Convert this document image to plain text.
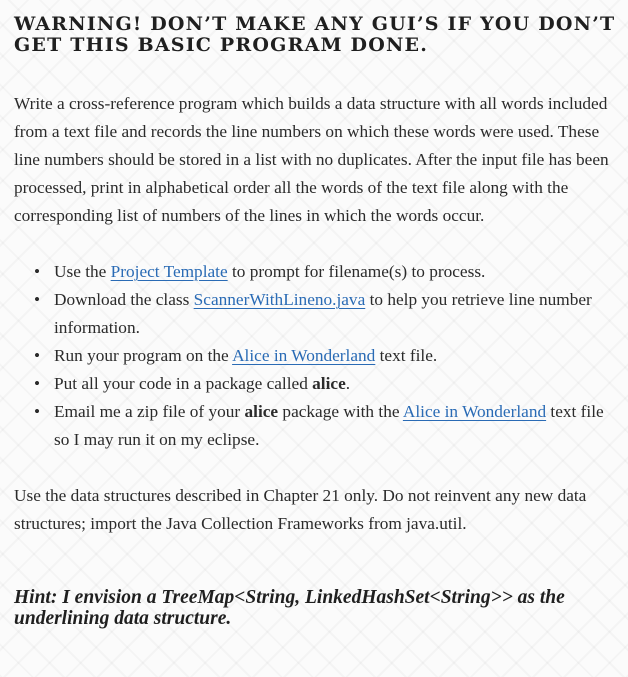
WARNING! DON’T MAKE ANY GUI’S IF YOU DON’T GET THIS BASIC PROGRAM DONE.

Write a cross-reference program which builds a data structure with all words included from a text file and records the line numbers on which these words were used. These line numbers should be stored in a list with no duplicates. After the input file has been processed, print in alphabetical order all the words of the text file along with the corresponding list of numbers of the lines in which the words occur.

• Use the Project Template to prompt for filename(s) to process.
• Download the class ScannerWithLineno.java to help you retrieve line number information.
• Run your program on the Alice in Wonderland text file.
• Put all your code in a package called alice.
• Email me a zip file of your alice package with the Alice in Wonderland text file so I may run it on my eclipse.

Use the data structures described in Chapter 21 only. Do not reinvent any new data structures; import the Java Collection Frameworks from java.util.

Hint: I envision a TreeMap<String, LinkedHashSet<String>> as the underlining data structure.
